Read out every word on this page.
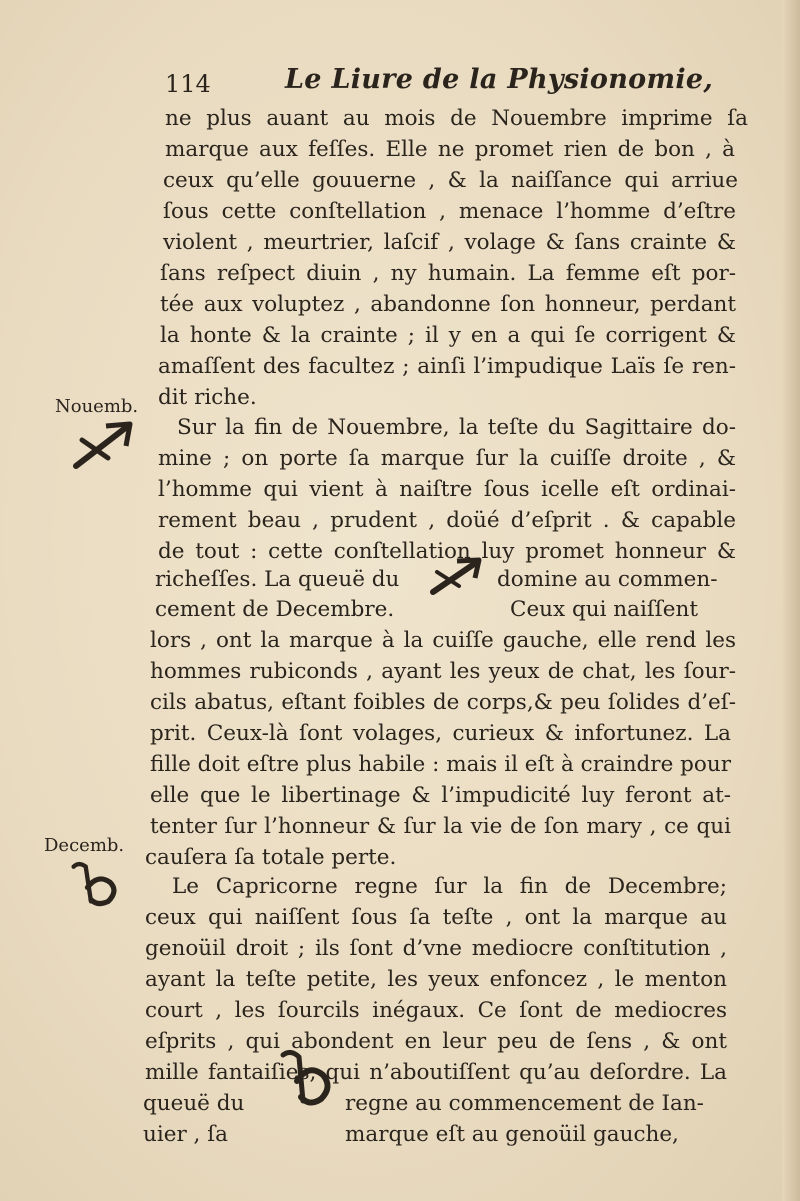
114	Le Liure de la Physionomie,
Nouemb.
Decemb.
ne plus auant au mois de Nouembre imprime ſa
marque aux feſſes. Elle ne promet rien de bon , à
ceux qu’elle gouuerne , & la naiſſance qui arriue
ſous cette conſtellation , menace l’homme d’eſtre
violent , meurtrier, laſcif , volage & ſans crainte &
ſans reſpect diuin , ny humain. La femme eſt por-
tée aux voluptez , abandonne ſon honneur, perdant
la honte & la crainte ; il y en a qui ſe corrigent &
amaſſent des facultez ; ainſi l’impudique Laïs ſe ren-
dit riche.
Sur la fin de Nouembre, la teſte du Sagittaire do-
mine ; on porte ſa marque ſur la cuiſſe droite , &
l’homme qui vient à naiſtre ſous icelle eſt ordinai-
rement beau , prudent , doüé d’eſprit . & capable
de tout : cette conſtellation luy promet honneur &
richeſſes. La queuë du	domine au commen-
cement de Decembre.	Ceux qui naiſſent
lors , ont la marque à la cuiſſe gauche, elle rend les
hommes rubiconds , ayant les yeux de chat, les ſour-
cils abatus, eſtant foibles de corps,& peu ſolides d’eſ-
prit. Ceux-là ſont volages, curieux & infortunez. La
fille doit eſtre plus habile : mais il eſt à craindre pour
elle que le libertinage & l’impudicité luy feront at-
tenter ſur l’honneur & ſur la vie de ſon mary , ce qui
cauſera ſa totale perte.
Le Capricorne regne ſur la fin de Decembre;
ceux qui naiſſent ſous ſa teſte , ont la marque au
genoüil droit ; ils ſont d’vne mediocre conſtitution ,
ayant la teſte petite, les yeux enfoncez , le menton
court , les ſourcils inégaux. Ce ſont de mediocres
eſprits , qui abondent en leur peu de ſens , & ont
mille fantaiſies, qui n’aboutiſſent qu’au deſordre. La
queuë du	regne au commencement de Ian-
uier , ſa	marque eſt au genoüil gauche,
